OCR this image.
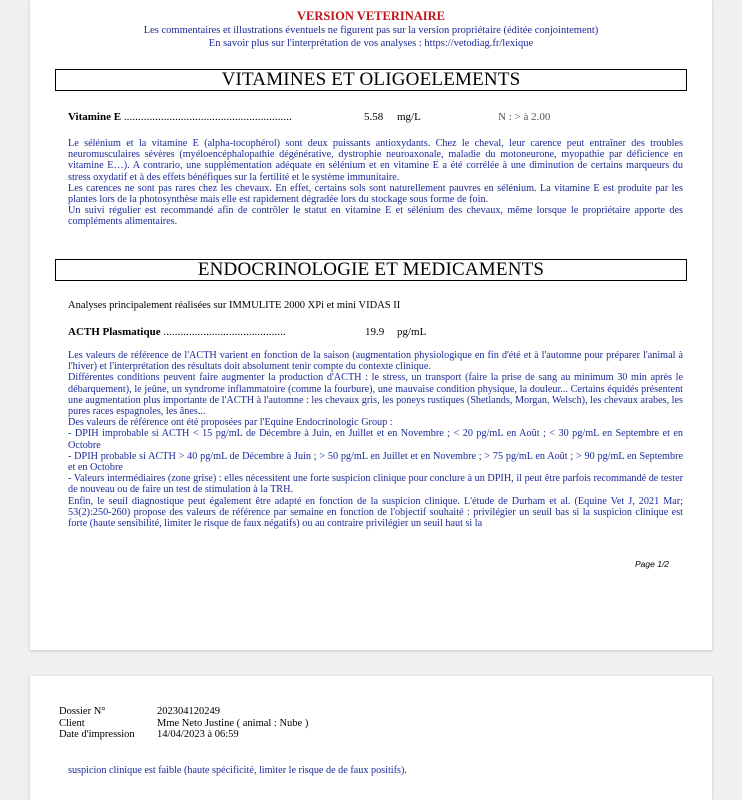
VERSION VETERINAIRE
Les commentaires et illustrations éventuels ne figurent pas sur la version propriétaire (éditée conjointement)
En savoir plus sur l'interprétation de vos analyses : https://vetodiag.fr/lexique
VITAMINES ET OLIGOELEMENTS
Vitamine E ...........................................................	5.58 mg/L	N : > à 2.00

Le sélénium et la vitamine E (alpha-tocophérol) sont deux puissants antioxydants. Chez le cheval, leur carence peut entraîner des troubles neuromusculaires sévères (myéloencéphalopathie dégénérative, dystrophie neuroaxonale, maladie du motoneurone, myopathie par déficience en vitamine E…). A contrario, une supplémentation adéquate en sélénium et en vitamine E a été corrélée à une diminution de certains marqueurs du stress oxydatif et à des effets bénéfiques sur la fertilité et le système immunitaire.

Les carences ne sont pas rares chez les chevaux. En effet, certains sols sont naturellement pauvres en sélénium. La vitamine E est produite par les plantes lors de la photosynthèse mais elle est rapidement dégradée lors du stockage sous forme de foin.

Un suivi régulier est recommandé afin de contrôler le statut en vitamine E et sélénium des chevaux, même lorsque le propriétaire apporte des compléments alimentaires.

ENDOCRINOLOGIE ET MEDICAMENTS
Analyses principalement réalisées sur IMMULITE 2000 XPi et mini VIDAS II
ACTH Plasmatique ...........................................	19.9 pg/mL

Les valeurs de référence de l'ACTH varient en fonction de la saison (augmentation physiologique en fin d'été et à l'automne pour préparer l'animal à l'hiver) et l'interprétation des résultats doit absolument tenir compte du contexte clinique.

Différentes conditions peuvent faire augmenter la production d'ACTH : le stress, un transport (faire la prise de sang au minimum 30 min après le débarquement), le jeûne, un syndrome inflammatoire (comme la fourbure), une mauvaise condition physique, la douleur... Certains équidés présentent une augmentation plus importante de l'ACTH à l'automne : les chevaux gris, les poneys rustiques (Shetlands, Morgan, Welsch), les chevaux arabes, les pures races espagnoles, les ânes...

Des valeurs de référence ont été proposées par l'Equine Endocrinologic Group :

- DPIH improbable si ACTH < 15 pg/mL de Décembre à Juin, en Juillet et en Novembre ; < 20 pg/mL en Août ; < 30 pg/mL en Septembre et en Octobre

- DPIH probable si ACTH > 40 pg/mL de Décembre à Juin ; > 50 pg/mL en Juillet et en Novembre ; > 75 pg/mL en Août ; > 90 pg/mL en Septembre et en Octobre

- Valeurs intermédiaires (zone grise) : elles nécessitent une forte suspicion clinique pour conclure à un DPIH, il peut être parfois recommandé de tester de nouveau ou de faire un test de stimulation à la TRH.

Enfin, le seuil diagnostique peut également être adapté en fonction de la suspicion clinique. L'étude de Durham et al. (Equine Vet J, 2021 Mar; 53(2):250-260) propose des valeurs de référence par semaine en fonction de l'objectif souhaité : privilégier un seuil bas si la suspicion clinique est forte (haute sensibilité, limiter le risque de faux négatifs) ou au contraire privilégier un seuil haut si la

Page 1/2
Dossier N°	202304120249
Client	Mme Neto Justine ( animal : Nube )
Date d'impression 14/04/2023 à 06:59
suspicion clinique est faible (haute spécificité, limiter le risque de de faux positifs).
